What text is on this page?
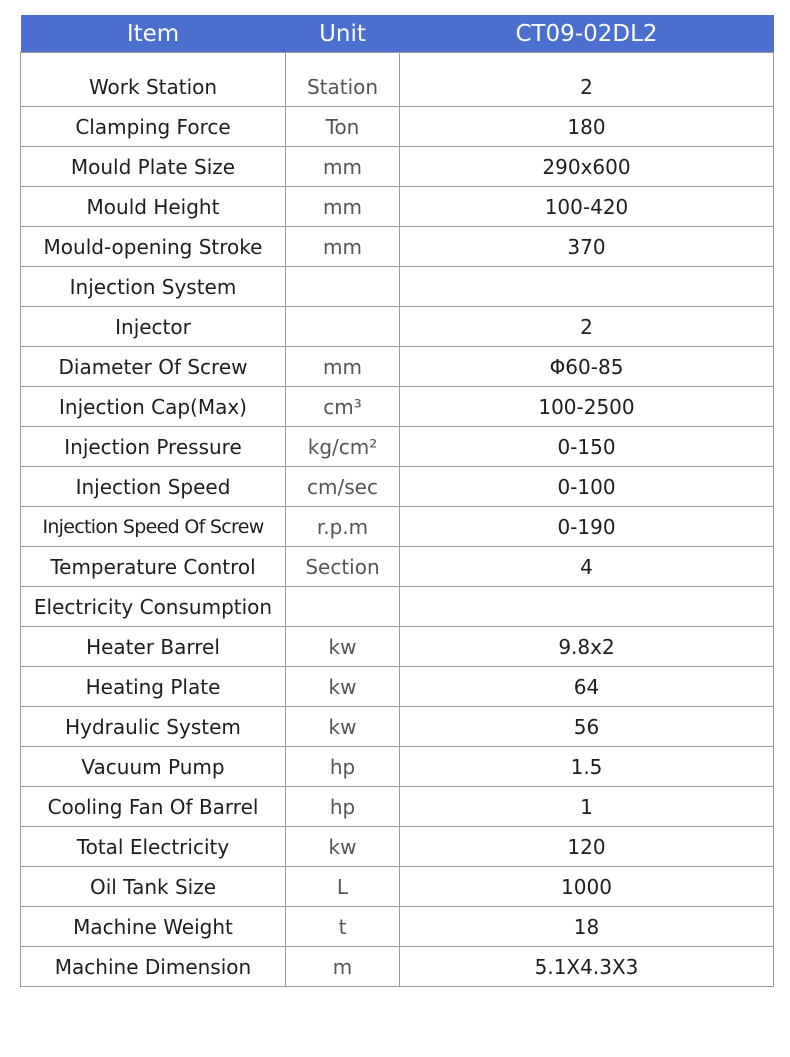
Item	Unit	CT09-02DL2

Work Station	Station	2
Clamping Force	Ton	180
Mould Plate Size	mm	290x600
Mould Height	mm	100-420
Mould-opening Stroke	mm	370
Injection System		
Injector		2
Diameter Of Screw	mm	Φ60-85
Injection Cap(Max)	cm³	100-2500
Injection Pressure	kg/cm²	0-150
Injection Speed	cm/sec	0-100
Injection Speed Of Screw	r.p.m	0-190
Temperature Control	Section	4
Electricity Consumption		
Heater Barrel	kw	9.8x2
Heating Plate	kw	64
Hydraulic System	kw	56
Vacuum Pump	hp	1.5
Cooling Fan Of Barrel	hp	1
Total Electricity	kw	120
Oil Tank Size	L	1000
Machine Weight	t	18
Machine Dimension	m	5.1X4.3X3
